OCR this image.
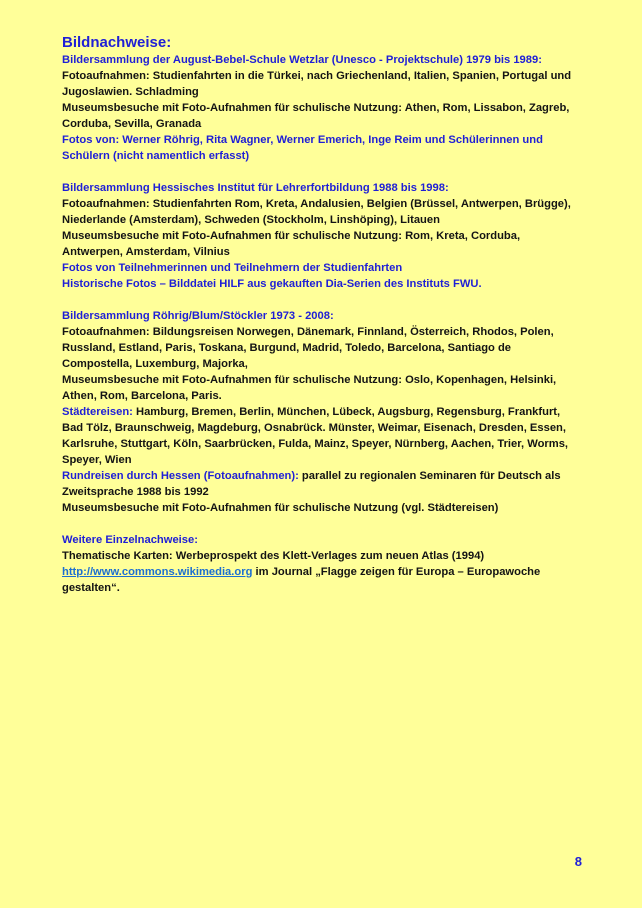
Bildnachweise:
Bildersammlung der August-Bebel-Schule Wetzlar (Unesco - Projektschule) 1979 bis 1989:
Fotoaufnahmen: Studienfahrten in die Türkei, nach Griechenland, Italien, Spanien, Portugal und Jugoslawien. Schladming
Museumsbesuche mit Foto-Aufnahmen für schulische Nutzung: Athen, Rom, Lissabon, Zagreb, Corduba, Sevilla, Granada
Fotos von: Werner Röhrig, Rita Wagner, Werner Emerich, Inge Reim und Schülerinnen und Schülern (nicht namentlich erfasst)
Bildersammlung Hessisches Institut für Lehrerfortbildung 1988 bis 1998:
Fotoaufnahmen: Studienfahrten Rom, Kreta, Andalusien, Belgien (Brüssel, Antwerpen, Brügge), Niederlande (Amsterdam), Schweden (Stockholm, Linshöping), Litauen
Museumsbesuche mit Foto-Aufnahmen für schulische Nutzung: Rom, Kreta, Corduba, Antwerpen, Amsterdam, Vilnius
Fotos von Teilnehmerinnen und Teilnehmern der Studienfahrten
Historische Fotos – Bilddatei HILF aus gekauften Dia-Serien des Instituts FWU.
Bildersammlung Röhrig/Blum/Stöckler 1973 - 2008:
Fotoaufnahmen: Bildungsreisen Norwegen, Dänemark, Finnland, Österreich, Rhodos, Polen, Russland, Estland, Paris, Toskana, Burgund, Madrid, Toledo, Barcelona, Santiago de Compostella, Luxemburg, Majorka,
Museumsbesuche mit Foto-Aufnahmen für schulische Nutzung: Oslo, Kopenhagen, Helsinki, Athen, Rom, Barcelona, Paris.
Städtereisen: Hamburg, Bremen, Berlin, München, Lübeck, Augsburg, Regensburg, Frankfurt, Bad Tölz, Braunschweig, Magdeburg, Osnabrück. Münster, Weimar, Eisenach, Dresden, Essen, Karlsruhe, Stuttgart, Köln, Saarbrücken, Fulda, Mainz, Speyer, Nürnberg, Aachen, Trier, Worms, Speyer, Wien
Rundreisen durch Hessen (Fotoaufnahmen): parallel zu regionalen Seminaren für Deutsch als Zweitsprache 1988 bis 1992
Museumsbesuche mit Foto-Aufnahmen für schulische Nutzung (vgl. Städtereisen)
Weitere Einzelnachweise:
Thematische Karten: Werbeprospekt des Klett-Verlages zum neuen Atlas (1994)
http://www.commons.wikimedia.org im Journal „Flagge zeigen für Europa – Europawoche gestalten“.
8
